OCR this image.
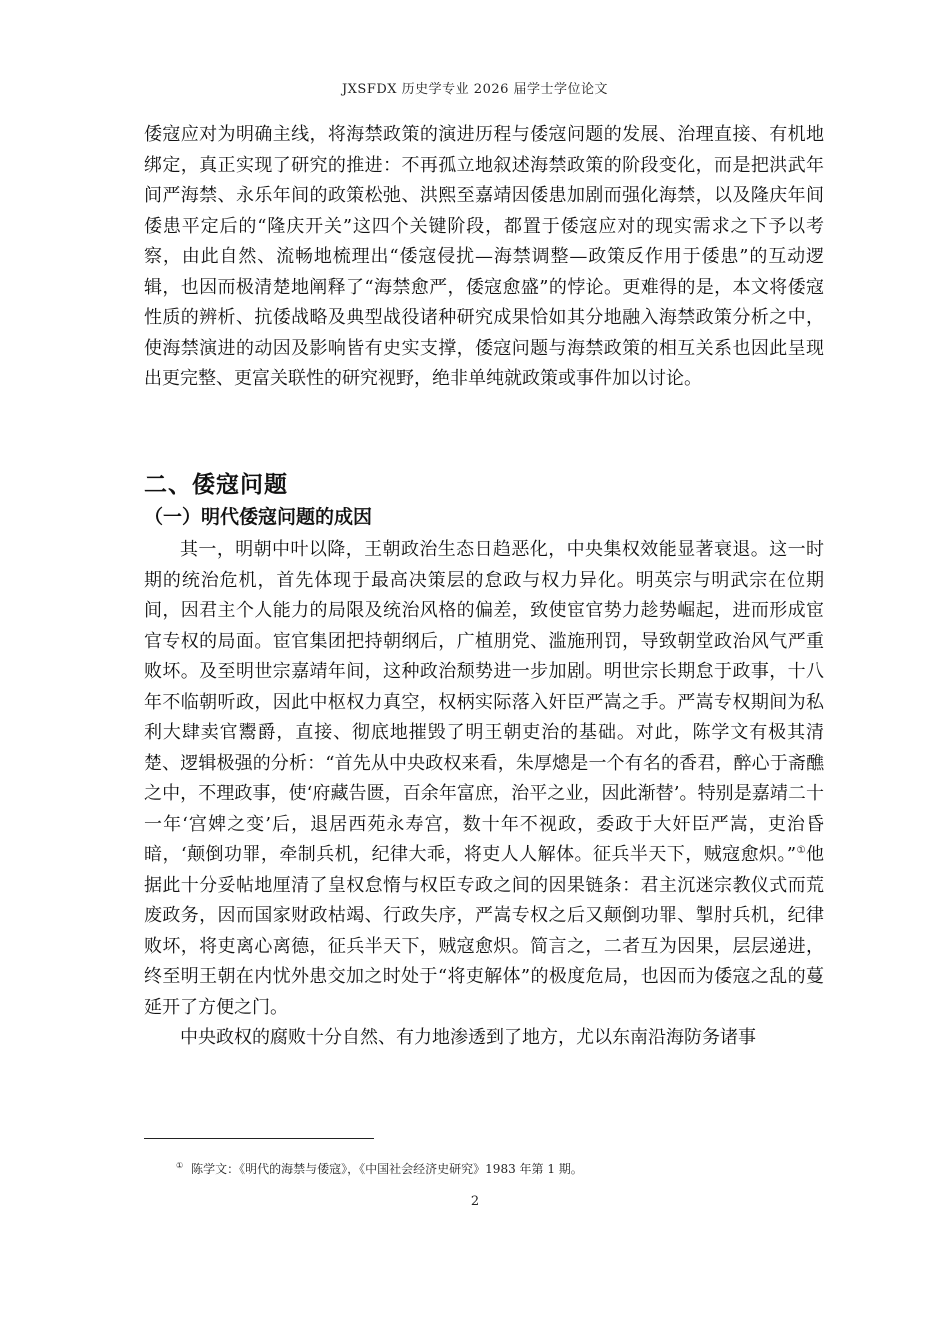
JXSFDX 历史学专业 2026 届学士学位论文

倭寇应对为明确主线，将海禁政策的演进历程与倭寇问题的发展、治理直接、有机地绑定，真正实现了研究的推进：不再孤立地叙述海禁政策的阶段变化，而是把洪武年间严海禁、永乐年间的政策松弛、洪熙至嘉靖因倭患加剧而强化海禁，以及隆庆年间倭患平定后的“隆庆开关”这四个关键阶段，都置于倭寇应对的现实需求之下予以考察，由此自然、流畅地梳理出“倭寇侵扰—海禁调整—政策反作用于倭患”的互动逻辑，也因而极清楚地阐释了“海禁愈严，倭寇愈盛”的悖论。更难得的是，本文将倭寇性质的辨析、抗倭战略及典型战役诸种研究成果恰如其分地融入海禁政策分析之中，使海禁演进的动因及影响皆有史实支撑，倭寇问题与海禁政策的相互关系也因此呈现出更完整、更富关联性的研究视野，绝非单纯就政策或事件加以讨论。

二、倭寇问题
（一）明代倭寇问题的成因

其一，明朝中叶以降，王朝政治生态日趋恶化，中央集权效能显著衰退。这一时期的统治危机，首先体现于最高决策层的怠政与权力异化。明英宗与明武宗在位期间，因君主个人能力的局限及统治风格的偏差，致使宦官势力趁势崛起，进而形成宦官专权的局面。宦官集团把持朝纲后，广植朋党、滥施刑罚，导致朝堂政治风气严重败坏。及至明世宗嘉靖年间，这种政治颓势进一步加剧。明世宗长期怠于政事，十八年不临朝听政，因此中枢权力真空，权柄实际落入奸臣严嵩之手。严嵩专权期间为私利大肆卖官鬻爵，直接、彻底地摧毁了明王朝吏治的基础。对此，陈学文有极其清楚、逻辑极强的分析：“首先从中央政权来看，朱厚熜是一个有名的香君，醉心于斋醮之中，不理政事，使‘府藏告匮，百余年富庶，治平之业，因此渐替’。特别是嘉靖二十一年‘宫婢之变’后，退居西苑永寿宫，数十年不视政，委政于大奸臣严嵩，吏治昏暗，‘颠倒功罪，牵制兵机，纪律大乖，将吏人人解体。征兵半天下，贼寇愈炽。”①他据此十分妥帖地厘清了皇权怠惰与权臣专政之间的因果链条：君主沉迷宗教仪式而荒废政务，因而国家财政枯竭、行政失序，严嵩专权之后又颠倒功罪、掣肘兵机，纪律败坏，将吏离心离德，征兵半天下，贼寇愈炽。简言之，二者互为因果，层层递进，终至明王朝在内忧外患交加之时处于“将吏解体”的极度危局，也因而为倭寇之乱的蔓延开了方便之门。

中央政权的腐败十分自然、有力地渗透到了地方，尤以东南沿海防务诸事

① 陈学文：《明代的海禁与倭寇》，《中国社会经济史研究》1983 年第 1 期。
2
